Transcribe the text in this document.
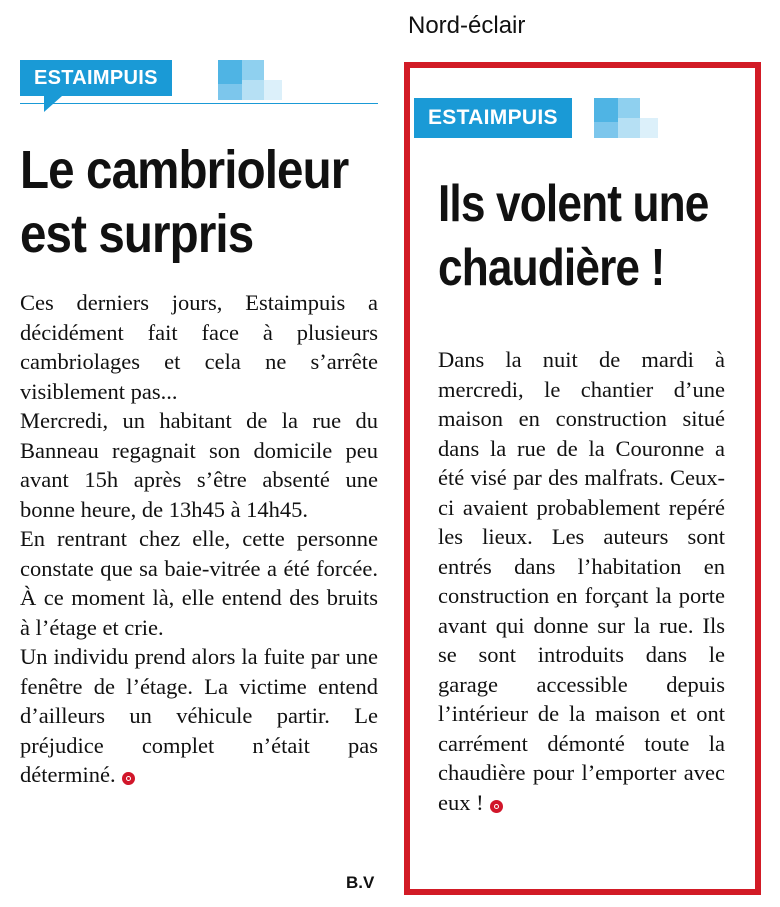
Nord-éclair
ESTAIMPUIS
Le cambrioleur
est surpris

Ces derniers jours, Estaimpuis a décidément fait face à plusieurs cambriolages et cela ne s’arrête visiblement pas...

Mercredi, un habitant de la rue du Banneau regagnait son domicile peu avant 15h après s’être absenté une bonne heure, de 13h45 à 14h45.

En rentrant chez elle, cette personne constate que sa baie-vitrée a été forcée. À ce moment là, elle entend des bruits à l’étage et crie.

Un individu prend alors la fuite par une fenêtre de l’étage. La victime entend d’ailleurs un véhicule partir. Le préjudice complet n’était pas déterminé.

B.V
ESTAIMPUIS
Ils volent une
chaudière !

Dans la nuit de mardi à mercredi, le chantier d’une maison en construction situé dans la rue de la Couronne a été visé par des malfrats. Ceux-ci avaient probablement repéré les lieux. Les auteurs sont entrés dans l’habitation en construction en forçant la porte avant qui donne sur la rue. Ils se sont introduits dans le garage accessible depuis l’intérieur de la maison et ont carrément démonté toute la chaudière pour l’emporter avec eux !
